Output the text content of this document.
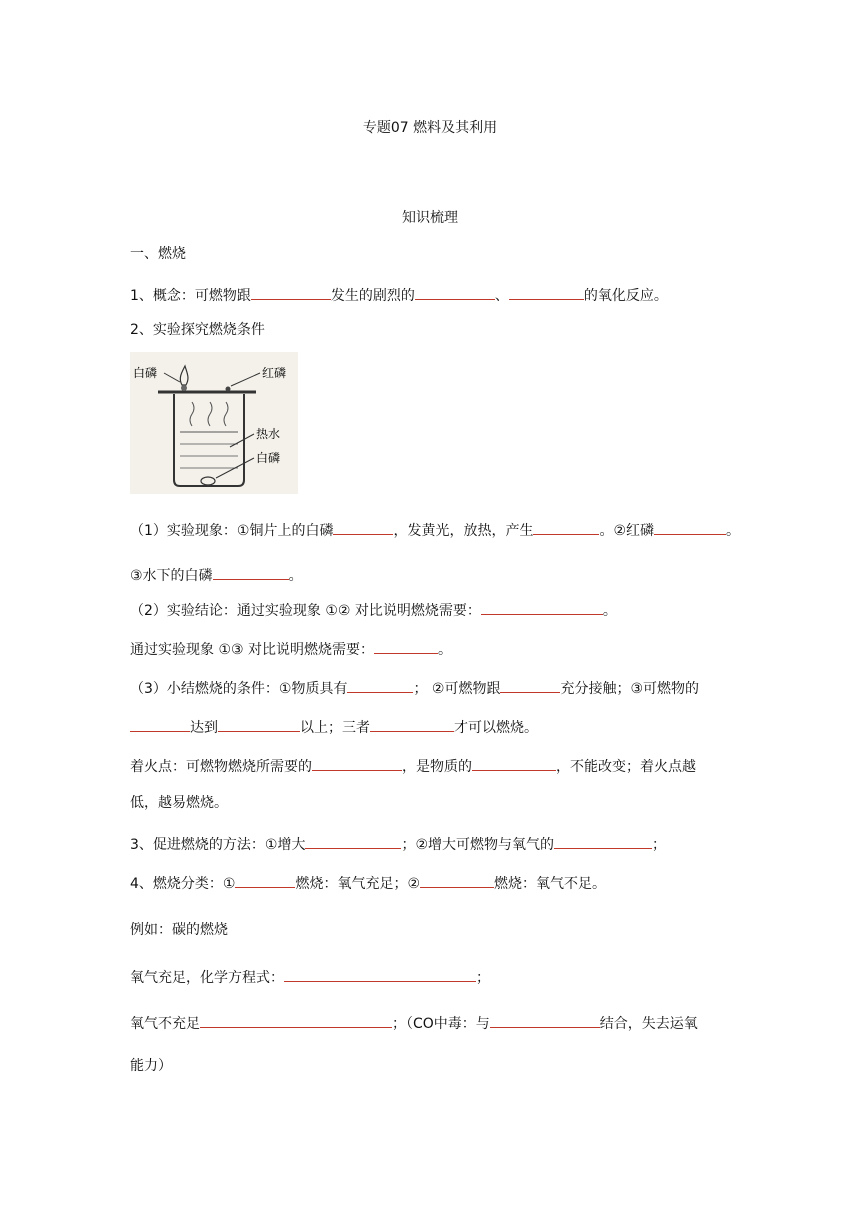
专题07 燃料及其利用
知识梳理
一、燃烧
1、概念：可燃物跟	发生的剧烈的	、	的氧化反应。
2、实验探究燃烧条件
白磷	红磷
热水
白磷
（1）实验现象：①铜片上的白磷	，发黄光，放热，产生	。②红磷	。
③水下的白磷	。
（2）实验结论：通过实验现象 ①② 对比说明燃烧需要：	。
通过实验现象 ①③ 对比说明燃烧需要：	。
（3）小结燃烧的条件：①物质具有	； ②可燃物跟	充分接触；③可燃物的
达到	以上；三者	才可以燃烧。
着火点：可燃物燃烧所需要的	，是物质的	，不能改变；着火点越
低，越易燃烧。
3、促进燃烧的方法：①增大	；②增大可燃物与氧气的	；
4、燃烧分类：①	燃烧：氧气充足；②	燃烧：氧气不足。
例如：碳的燃烧
氧气充足，化学方程式：	；
氧气不充足	；（CO中毒：与	结合，失去运氧
能力）
